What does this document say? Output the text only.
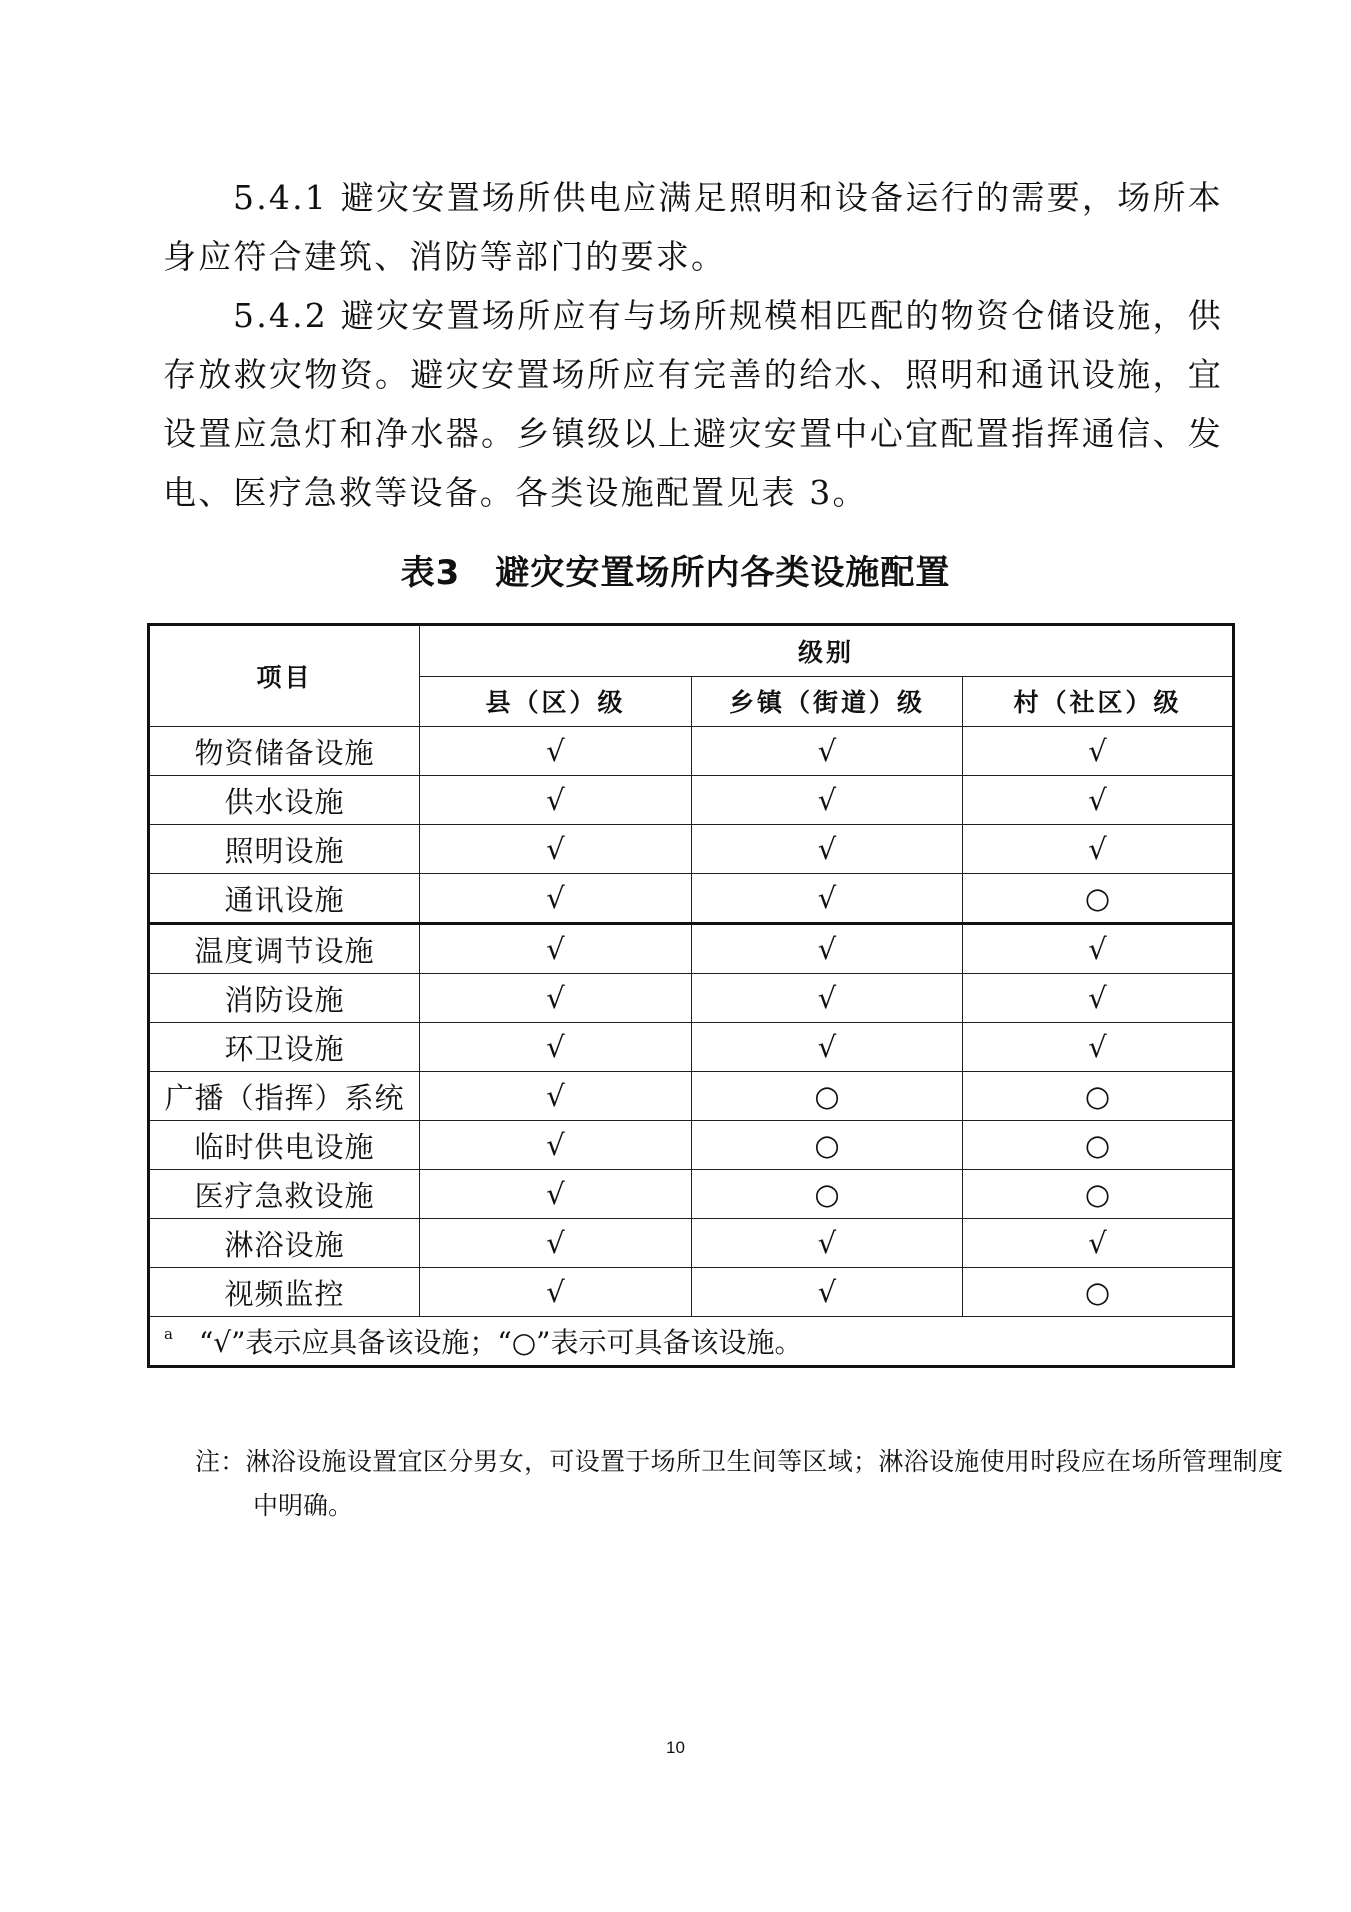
5.4.1 避灾安置场所供电应满足照明和设备运行的需要，场所本身应符合建筑、消防等部门的要求。

5.4.2 避灾安置场所应有与场所规模相匹配的物资仓储设施，供存放救灾物资。避灾安置场所应有完善的给水、照明和通讯设施，宜设置应急灯和净水器。乡镇级以上避灾安置中心宜配置指挥通信、发电、医疗急救等设备。各类设施配置见表 3。

表3　避灾安置场所内各类设施配置

项目	级别		
	县（区）级	乡镇（街道）级	村（社区）级
物资储备设施	√	√	√
供水设施	√	√	√
照明设施	√	√	√
通讯设施	√	√	○
温度调节设施	√	√	√
消防设施	√	√	√
环卫设施	√	√	√
广播（指挥）系统	√	○	○
临时供电设施	√	○	○
医疗急救设施	√	○	○
淋浴设施	√	√	√
视频监控	√	√	○
$^a$ “√”表示应具备该设施；“○”表示可具备该设施。			

注：淋浴设施设置宜区分男女，可设置于场所卫生间等区域；淋浴设施使用时段应在场所管理制度中明确。

10
